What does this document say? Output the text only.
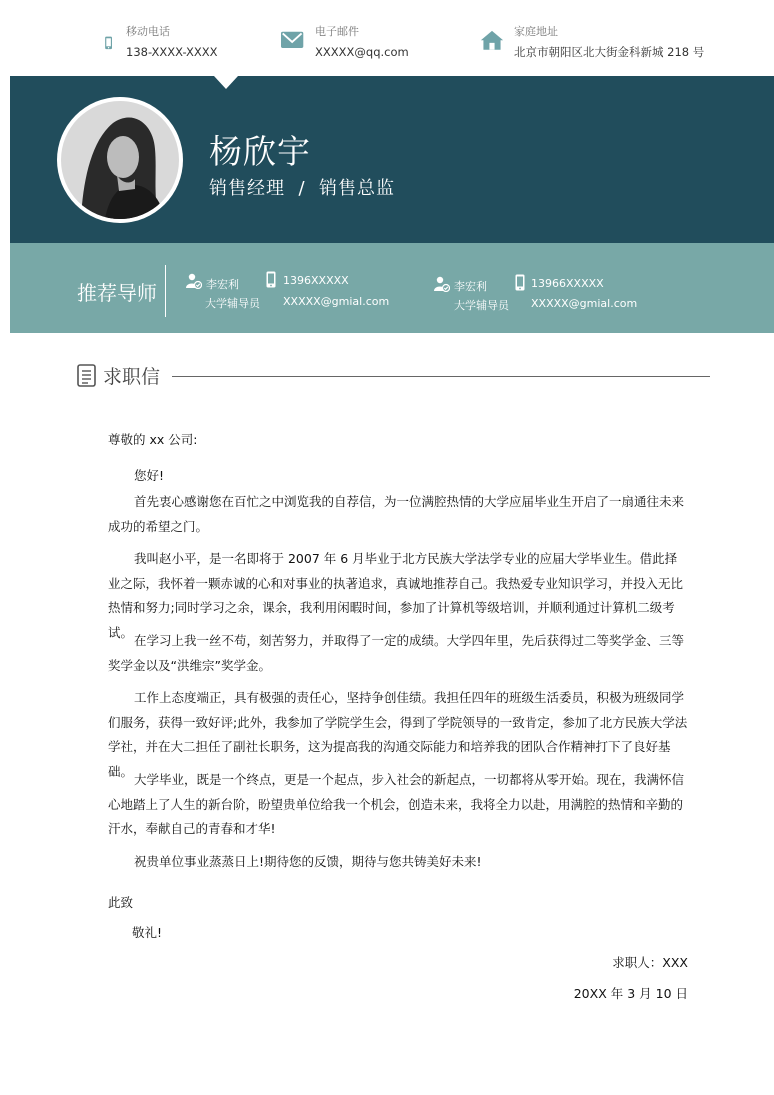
移动电话
138-XXXX-XXXX
电子邮件
XXXXX@qq.com
家庭地址
北京市朝阳区北大街金科新城 218 号
杨欣宇
销售经理  /  销售总监
推荐导师	李宏利
大学辅导员
1396XXXXX
XXXXX@gmial.com
李宏利
大学辅导员
13966XXXXX
XXXXX@gmial.com
求职信
尊敬的 xx 公司:
您好!

首先衷心感谢您在百忙之中浏览我的自荐信，为一位满腔热情的大学应届毕业生开启了一扇通往未来成功的希望之门。

我叫赵小平，是一名即将于 2007 年 6 月毕业于北方民族大学法学专业的应届大学毕业生。借此择业之际，我怀着一颗赤诚的心和对事业的执著追求，真诚地推荐自己。我热爱专业知识学习，并投入无比热情和努力;同时学习之余，课余，我利用闲暇时间，参加了计算机等级培训，并顺利通过计算机二级考试。

在学习上我一丝不苟，刻苦努力，并取得了一定的成绩。大学四年里，先后获得过二等奖学金、三等奖学金以及“洪维宗”奖学金。

工作上态度端正，具有极强的责任心，坚持争创佳绩。我担任四年的班级生活委员，积极为班级同学们服务，获得一致好评;此外，我参加了学院学生会，得到了学院领导的一致肯定，参加了北方民族大学法学社，并在大二担任了副社长职务，这为提高我的沟通交际能力和培养我的团队合作精神打下了良好基础。

大学毕业，既是一个终点，更是一个起点，步入社会的新起点，一切都将从零开始。现在，我满怀信心地踏上了人生的新台阶，盼望贵单位给我一个机会，创造未来，我将全力以赴，用满腔的热情和辛勤的汗水，奉献自己的青春和才华!

祝贵单位事业蒸蒸日上!期待您的反馈，期待与您共铸美好未来!

此致
敬礼!
求职人：XXX
20XX 年 3 月 10 日
